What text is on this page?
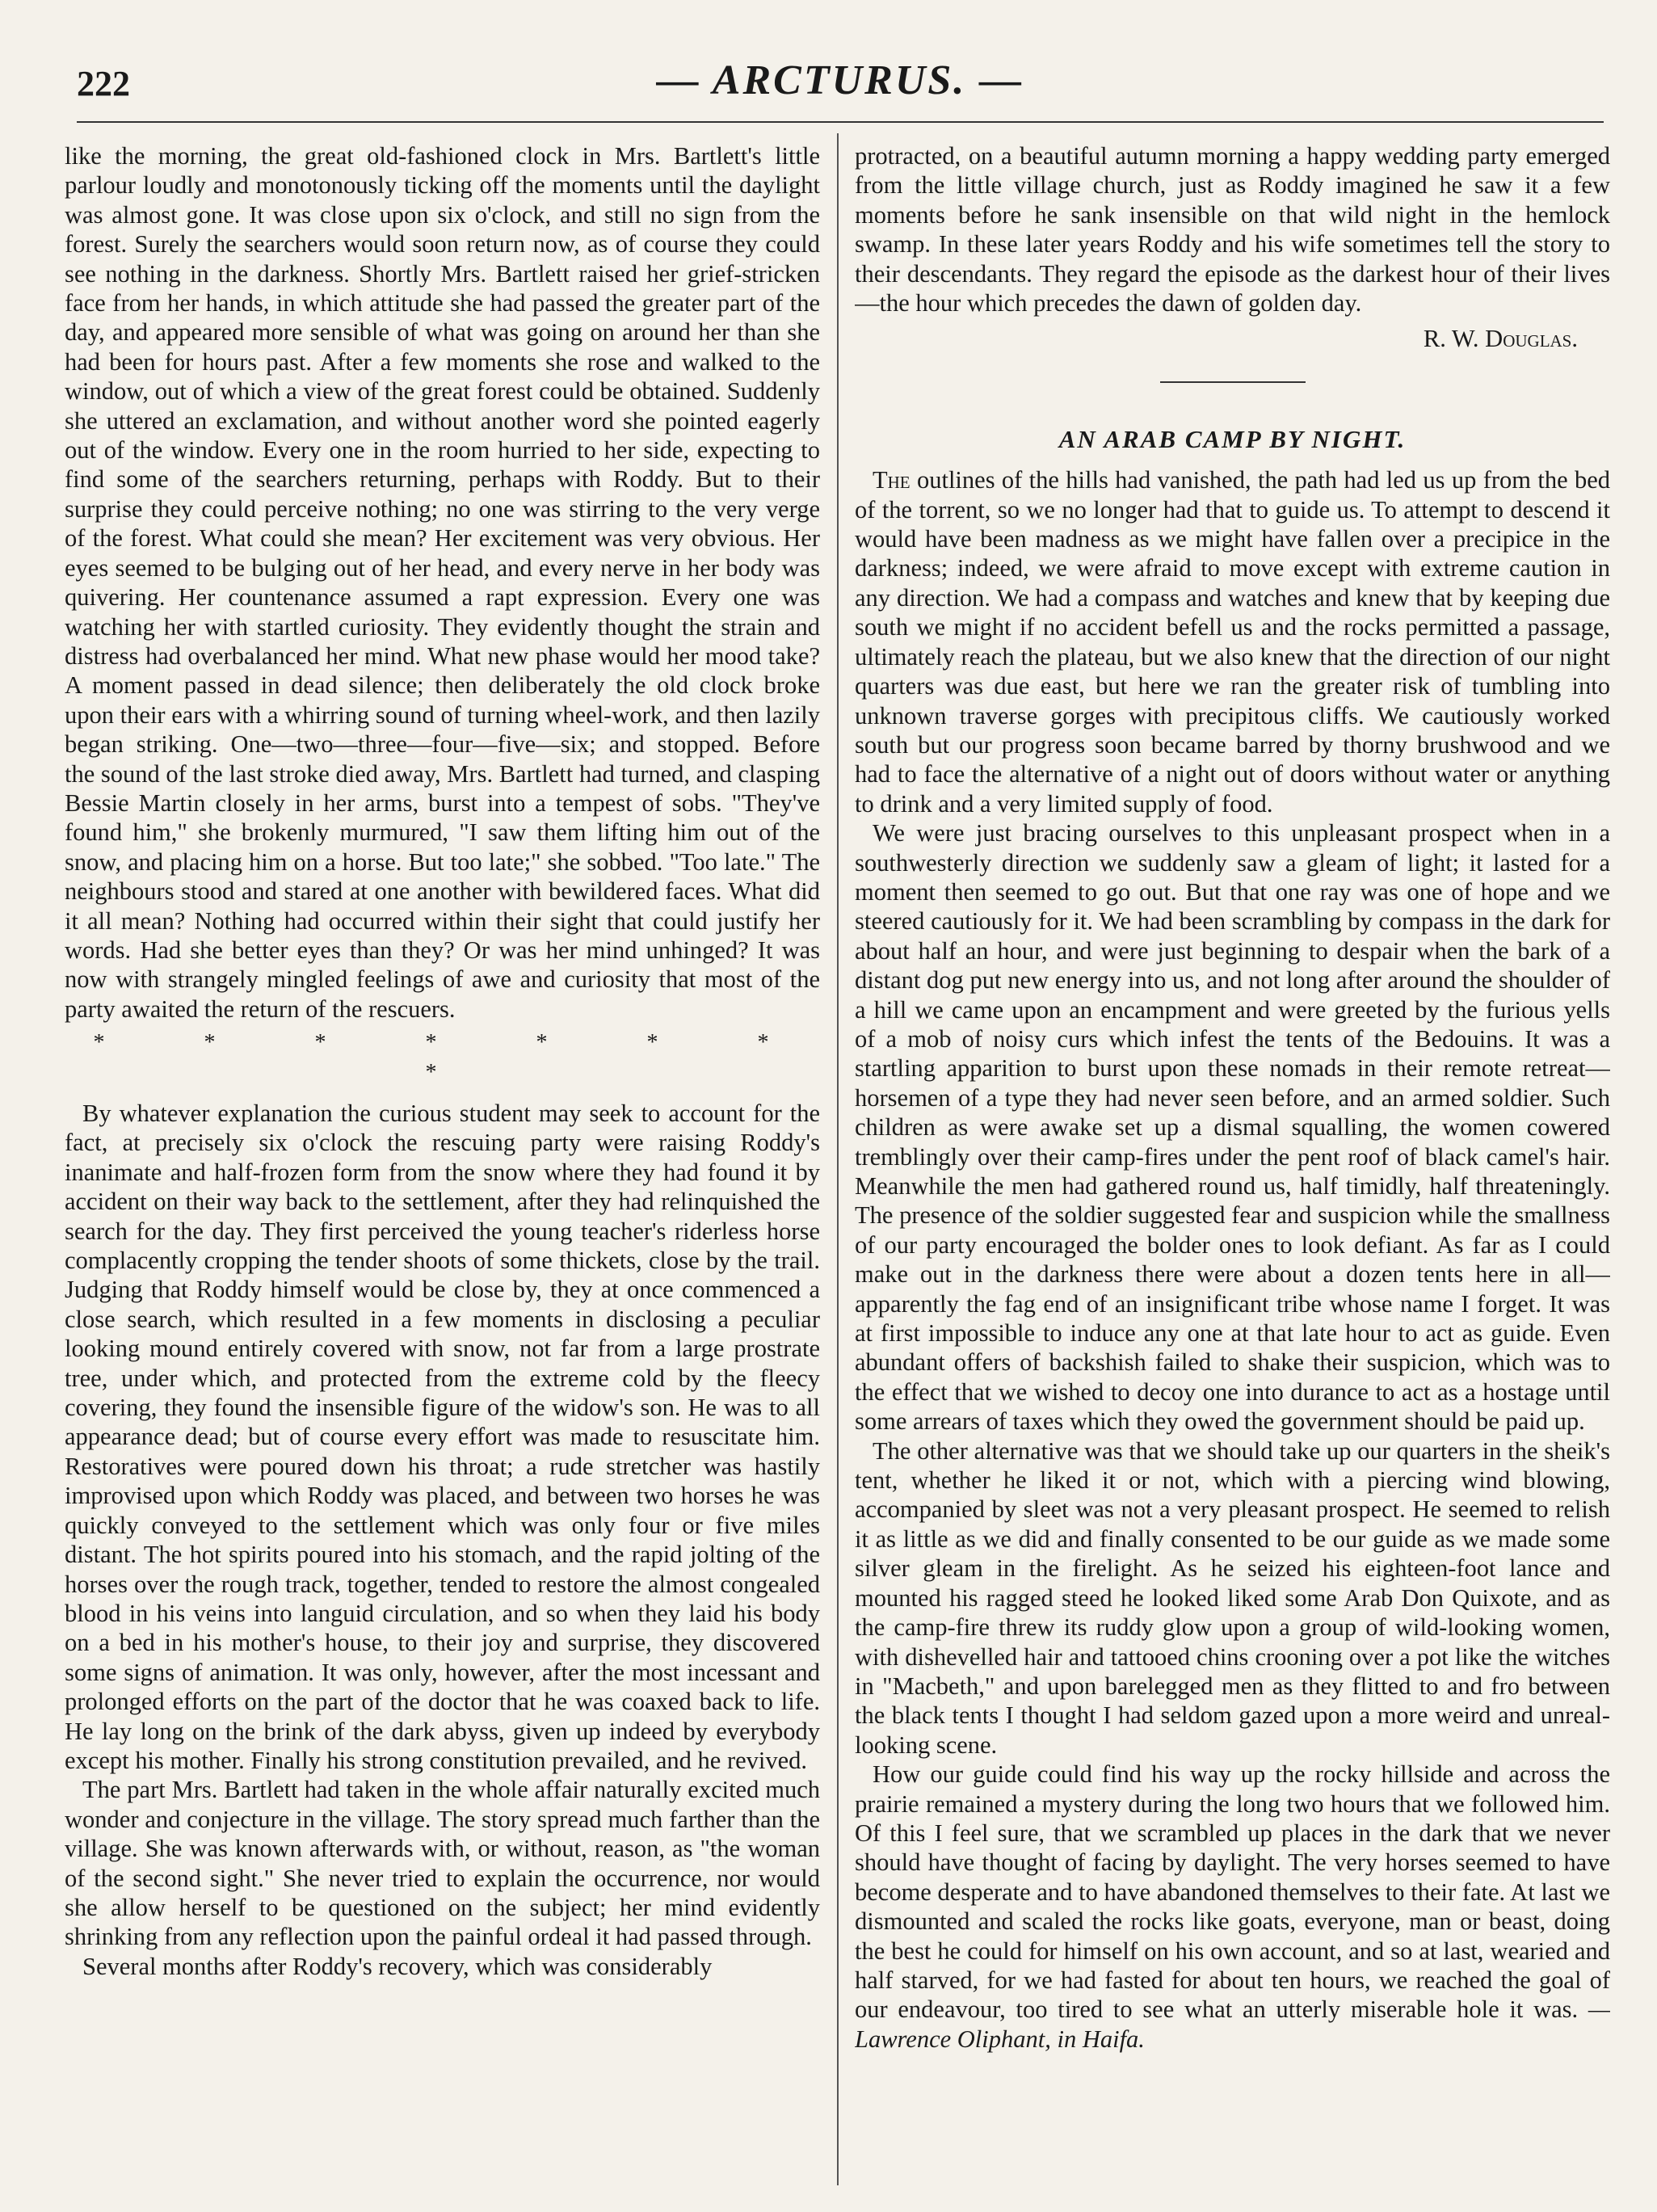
222	— ARCTURUS. —

like the morning, the great old-fashioned clock in Mrs. Bartlett's little parlour loudly and monotonously ticking off the moments until the daylight was almost gone. It was close upon six o'clock, and still no sign from the forest. Surely the searchers would soon return now, as of course they could see nothing in the darkness. Shortly Mrs. Bartlett raised her grief-stricken face from her hands, in which attitude she had passed the greater part of the day, and appeared more sensible of what was going on around her than she had been for hours past. After a few moments she rose and walked to the window, out of which a view of the great forest could be obtained. Suddenly she uttered an exclamation, and without another word she pointed eagerly out of the window. Every one in the room hurried to her side, expecting to find some of the searchers returning, perhaps with Roddy. But to their surprise they could perceive nothing; no one was stirring to the very verge of the forest. What could she mean? Her excitement was very obvious. Her eyes seemed to be bulging out of her head, and every nerve in her body was quivering. Her countenance assumed a rapt expression. Every one was watching her with startled curiosity. They evidently thought the strain and distress had overbalanced her mind. What new phase would her mood take? A moment passed in dead silence; then deliberately the old clock broke upon their ears with a whirring sound of turning wheel-work, and then lazily began striking. One—two—three—four—five—six; and stopped. Before the sound of the last stroke died away, Mrs. Bartlett had turned, and clasping Bessie Martin closely in her arms, burst into a tempest of sobs. "They've found him," she brokenly murmured, "I saw them lifting him out of the snow, and placing him on a horse. But too late;" she sobbed. "Too late." The neighbours stood and stared at one another with bewildered faces. What did it all mean? Nothing had occurred within their sight that could justify her words. Had she better eyes than they? Or was her mind unhinged? It was now with strangely mingled feelings of awe and curiosity that most of the party awaited the return of the rescuers.

* * * * * * * *

By whatever explanation the curious student may seek to account for the fact, at precisely six o'clock the rescuing party were raising Roddy's inanimate and half-frozen form from the snow where they had found it by accident on their way back to the settlement, after they had relinquished the search for the day. They first perceived the young teacher's riderless horse complacently cropping the tender shoots of some thickets, close by the trail. Judging that Roddy himself would be close by, they at once commenced a close search, which resulted in a few moments in disclosing a peculiar looking mound entirely covered with snow, not far from a large prostrate tree, under which, and protected from the extreme cold by the fleecy covering, they found the insensible figure of the widow's son. He was to all appearance dead; but of course every effort was made to resuscitate him. Restoratives were poured down his throat; a rude stretcher was hastily improvised upon which Roddy was placed, and between two horses he was quickly conveyed to the settlement which was only four or five miles distant. The hot spirits poured into his stomach, and the rapid jolting of the horses over the rough track, together, tended to restore the almost congealed blood in his veins into languid circulation, and so when they laid his body on a bed in his mother's house, to their joy and surprise, they discovered some signs of animation. It was only, however, after the most incessant and prolonged efforts on the part of the doctor that he was coaxed back to life. He lay long on the brink of the dark abyss, given up indeed by everybody except his mother. Finally his strong constitution prevailed, and he revived.

The part Mrs. Bartlett had taken in the whole affair naturally excited much wonder and conjecture in the village. The story spread much farther than the village. She was known afterwards with, or without, reason, as "the woman of the second sight." She never tried to explain the occurrence, nor would she allow herself to be questioned on the subject; her mind evidently shrinking from any reflection upon the painful ordeal it had passed through.

Several months after Roddy's recovery, which was considerably

protracted, on a beautiful autumn morning a happy wedding party emerged from the little village church, just as Roddy imagined he saw it a few moments before he sank insensible on that wild night in the hemlock swamp. In these later years Roddy and his wife sometimes tell the story to their descendants. They regard the episode as the darkest hour of their lives—the hour which precedes the dawn of golden day.

R. W. Douglas.
AN ARAB CAMP BY NIGHT.

The outlines of the hills had vanished, the path had led us up from the bed of the torrent, so we no longer had that to guide us. To attempt to descend it would have been madness as we might have fallen over a precipice in the darkness; indeed, we were afraid to move except with extreme caution in any direction. We had a compass and watches and knew that by keeping due south we might if no accident befell us and the rocks permitted a passage, ultimately reach the plateau, but we also knew that the direction of our night quarters was due east, but here we ran the greater risk of tumbling into unknown traverse gorges with precipitous cliffs. We cautiously worked south but our progress soon became barred by thorny brushwood and we had to face the alternative of a night out of doors without water or anything to drink and a very limited supply of food.

We were just bracing ourselves to this unpleasant prospect when in a southwesterly direction we suddenly saw a gleam of light; it lasted for a moment then seemed to go out. But that one ray was one of hope and we steered cautiously for it. We had been scrambling by compass in the dark for about half an hour, and were just beginning to despair when the bark of a distant dog put new energy into us, and not long after around the shoulder of a hill we came upon an encampment and were greeted by the furious yells of a mob of noisy curs which infest the tents of the Bedouins. It was a startling apparition to burst upon these nomads in their remote retreat—horsemen of a type they had never seen before, and an armed soldier. Such children as were awake set up a dismal squalling, the women cowered tremblingly over their camp-fires under the pent roof of black camel's hair. Meanwhile the men had gathered round us, half timidly, half threateningly. The presence of the soldier suggested fear and suspicion while the smallness of our party encouraged the bolder ones to look defiant. As far as I could make out in the darkness there were about a dozen tents here in all—apparently the fag end of an insignificant tribe whose name I forget. It was at first impossible to induce any one at that late hour to act as guide. Even abundant offers of backshish failed to shake their suspicion, which was to the effect that we wished to decoy one into durance to act as a hostage until some arrears of taxes which they owed the government should be paid up.

The other alternative was that we should take up our quarters in the sheik's tent, whether he liked it or not, which with a piercing wind blowing, accompanied by sleet was not a very pleasant prospect. He seemed to relish it as little as we did and finally consented to be our guide as we made some silver gleam in the firelight. As he seized his eighteen-foot lance and mounted his ragged steed he looked liked some Arab Don Quixote, and as the camp-fire threw its ruddy glow upon a group of wild-looking women, with dishevelled hair and tattooed chins crooning over a pot like the witches in "Macbeth," and upon barelegged men as they flitted to and fro between the black tents I thought I had seldom gazed upon a more weird and unreal-looking scene.

How our guide could find his way up the rocky hillside and across the prairie remained a mystery during the long two hours that we followed him. Of this I feel sure, that we scrambled up places in the dark that we never should have thought of facing by daylight. The very horses seemed to have become desperate and to have abandoned themselves to their fate. At last we dismounted and scaled the rocks like goats, everyone, man or beast, doing the best he could for himself on his own account, and so at last, wearied and half starved, for we had fasted for about ten hours, we reached the goal of our endeavour, too tired to see what an utterly miserable hole it was. —Lawrence Oliphant, in Haifa.
